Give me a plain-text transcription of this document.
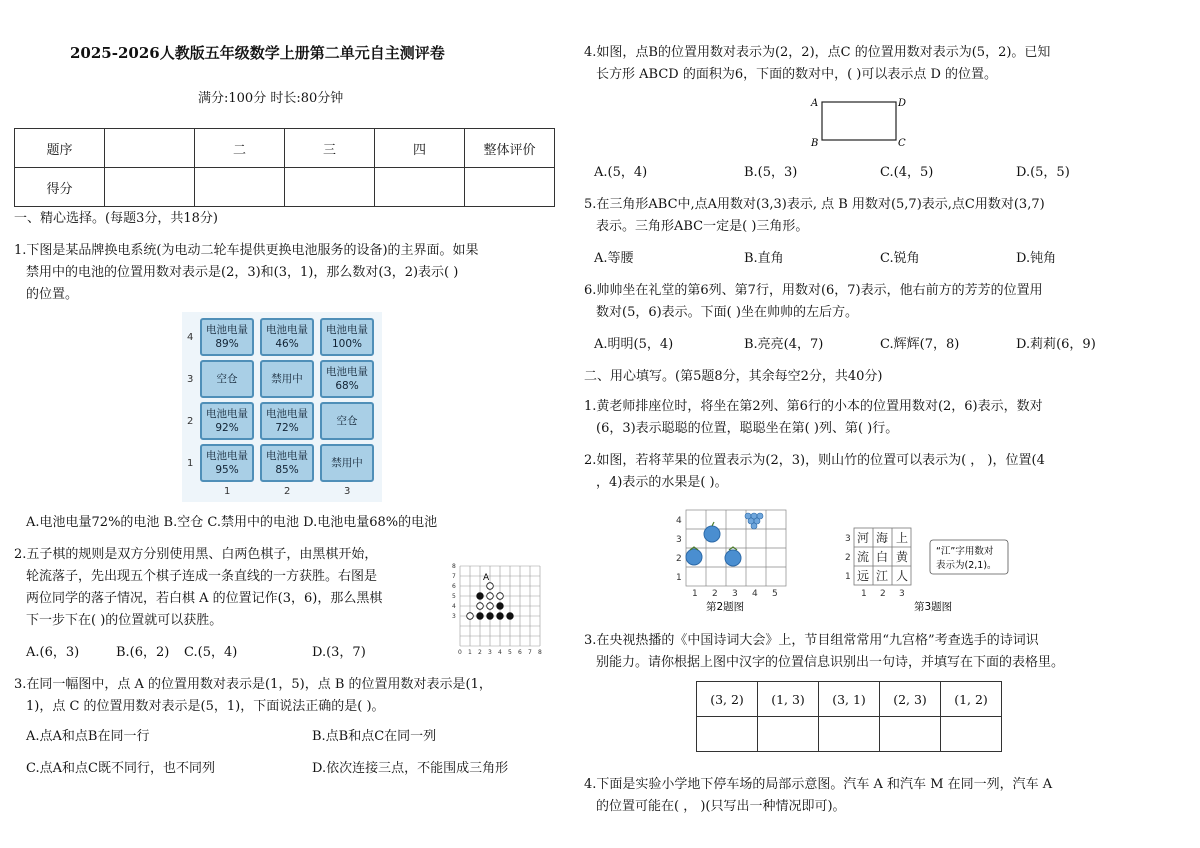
2025-2026人教版五年级数学上册第二单元自主测评卷
满分:100分 时长:80分钟
题序		二	三	四	整体评价
得分					
一、精心选择。(每题3分，共18分)
1.下图是某品牌换电系统(为电动二轮车提供更换电池服务的设备)的主界面。如果
禁用中的电池的位置用数对表示是(2，3)和(3，1)，那么数对(3，2)表示( )
的位置。
4
3
2
1
电池电量
89%
电池电量
46%
电池电量
100%
空仓	禁用中
电池电量
68%
电池电量
92%
电池电量
72%
空仓
电池电量
95%
电池电量
85%
禁用中
1	2	3
A.电池电量72%的电池 B.空仓 C.禁用中的电池 D.电池电量68%的电池
2.五子棋的规则是双方分别使用黑、白两色棋子，由黑棋开始，
轮流落子，先出现五个棋子连成一条直线的一方获胜。右图是
两位同学的落子情况，若白棋 A 的位置记作(3，6)，那么黑棋
下一步下在( )的位置就可以获胜。
A
0 1 2 3 4 5 6 7 8
8
7
6
5
4
3
A.(6，3)	B.(6，2) C.(5，4)	D.(3，7)
3.在同一幅图中，点 A 的位置用数对表示是(1，5)，点 B 的位置用数对表示是(1，
1)，点 C 的位置用数对表示是(5，1)，下面说法正确的是( )。
A.点A和点B在同一行	B.点B和点C在同一列
C.点A和点C既不同行，也不同列	D.依次连接三点，不能围成三角形
4.如图，点B的位置用数对表示为(2，2)，点C 的位置用数对表示为(5，2)。已知
长方形 ABCD 的面积为6，下面的数对中，( )可以表示点 D 的位置。
A	D
B	C
A.(5，4)	B.(5，3)	C.(4，5)	D.(5，5)
5.在三角形ABC中,点A用数对(3,3)表示, 点 B 用数对(5,7)表示,点C用数对(3,7)
表示。三角形ABC一定是( )三角形。
A.等腰	B.直角	C.锐角	D.钝角
6.帅帅坐在礼堂的第6列、第7行，用数对(6，7)表示，他右前方的芳芳的位置用
数对(5，6)表示。下面( )坐在帅帅的左后方。
A.明明(5，4)	B.亮亮(4，7)	C.辉辉(7，8)	D.莉莉(6，9)
二、用心填写。(第5题8分，其余每空2分，共40分)
1.黄老师排座位时，将坐在第2列、第6行的小本的位置用数对(2，6)表示，数对
(6，3)表示聪聪的位置，聪聪坐在第( )列、第( )行。
2.如图，若将苹果的位置表示为(2，3)，则山竹的位置可以表示为( ， )，位置(4
，4)表示的水果是( )。
4
3
2
1
1 2 3 4 5
第2题图
河 海 上
流 白 黄
远 江 人
3
2
1
1 2 3
“江”字用数对
表示为(2,1)。
第3题图
3.在央视热播的《中国诗词大会》上，节目组常常用“九宫格”考查选手的诗词识
别能力。请你根据上图中汉字的位置信息识别出一句诗，并填写在下面的表格里。
(3, 2)	(1, 3)	(3, 1)	(2, 3)	(1, 2)

4.下面是实验小学地下停车场的局部示意图。汽车 A 和汽车 M 在同一列，汽车 A
的位置可能在( ， )(只写出一种情况即可)。
